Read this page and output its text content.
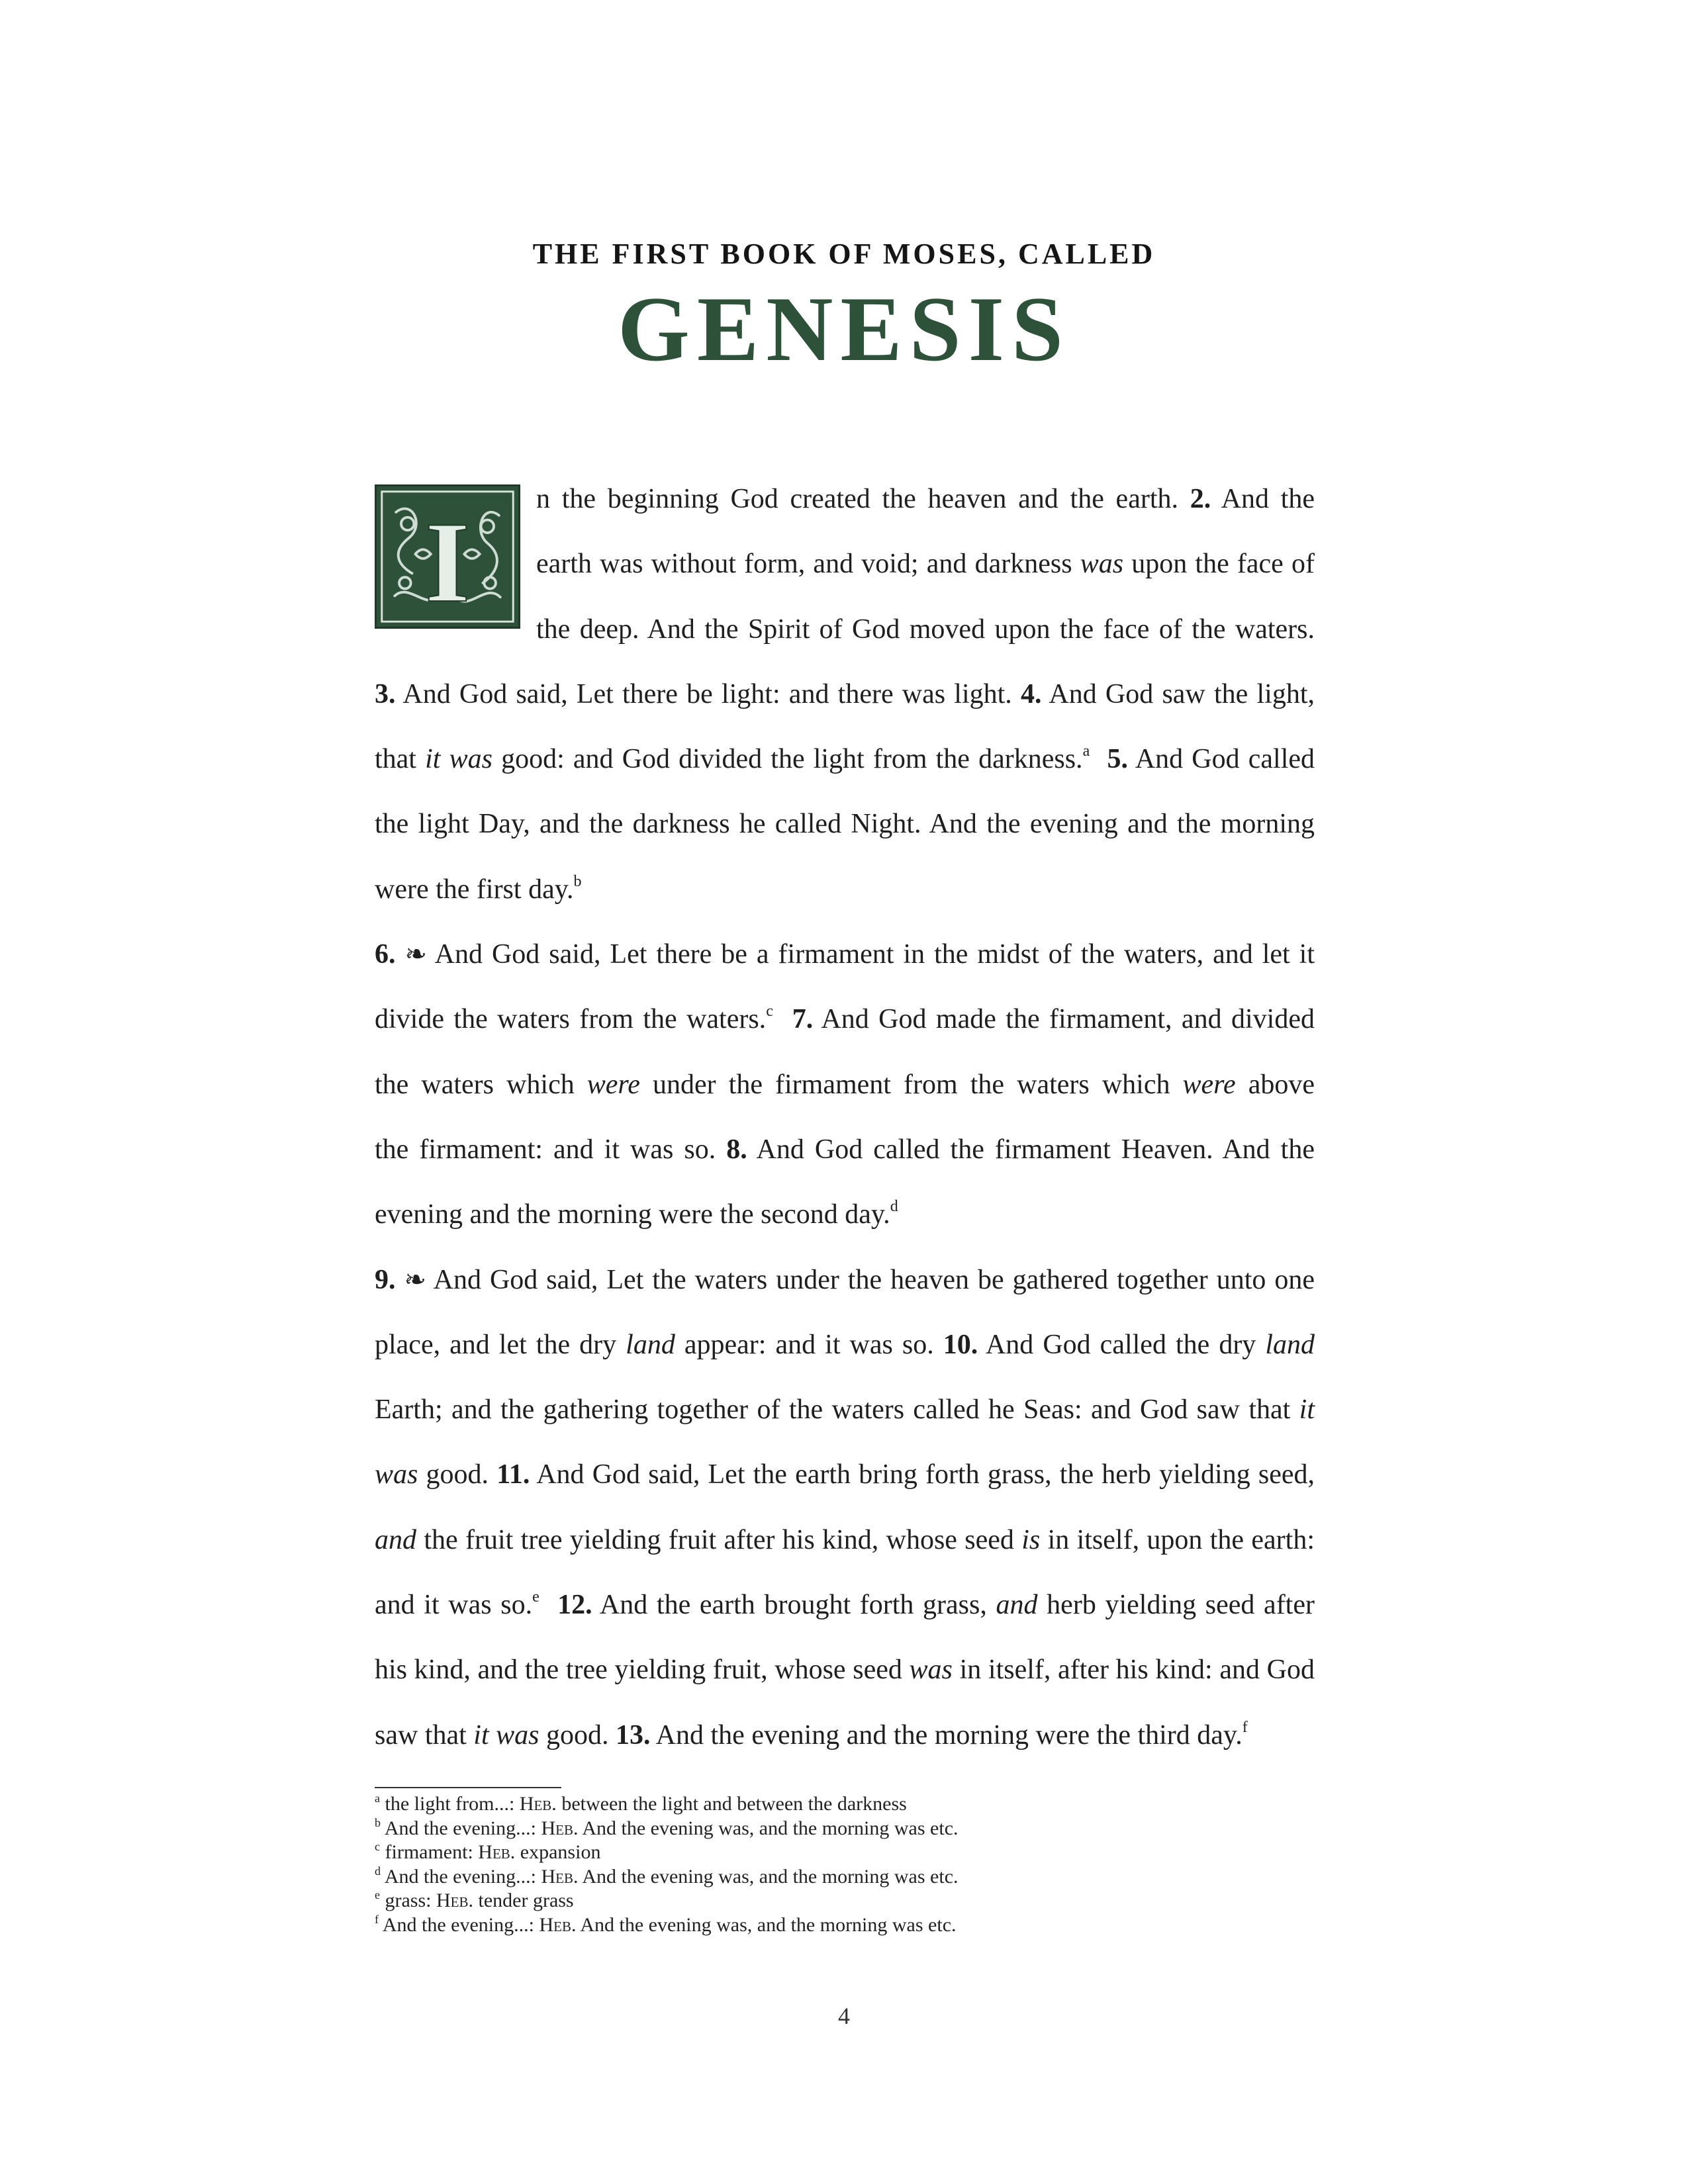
THE FIRST BOOK OF MOSES, CALLED
GENESIS
I	n the beginning God created the heaven and the earth. 2. And the
earth was without form, and void; and darkness was upon the face of
the deep. And the Spirit of God moved upon the face of the waters.
3. And God said, Let there be light: and there was light. 4. And God saw the light,
that it was good: and God divided the light from the darkness.$^a$ 5. And God called
the light Day, and the darkness he called Night. And the evening and the morning
were the first day.$^b$
6. ❧ And God said, Let there be a firmament in the midst of the waters, and let it
divide the waters from the waters.$^c$ 7. And God made the firmament, and divided
the waters which were under the firmament from the waters which were above
the firmament: and it was so. 8. And God called the firmament Heaven. And the
evening and the morning were the second day.$^d$
9. ❧ And God said, Let the waters under the heaven be gathered together unto one
place, and let the dry land appear: and it was so. 10. And God called the dry land
Earth; and the gathering together of the waters called he Seas: and God saw that it
was good. 11. And God said, Let the earth bring forth grass, the herb yielding seed,
and the fruit tree yielding fruit after his kind, whose seed is in itself, upon the earth:
and it was so.$^e$ 12. And the earth brought forth grass, and herb yielding seed after
his kind, and the tree yielding fruit, whose seed was in itself, after his kind: and God
saw that it was good. 13. And the evening and the morning were the third day.$^f$
$^a$ the light from...: Heb. between the light and between the darkness
$^b$ And the evening...: Heb. And the evening was, and the morning was etc.
$^c$ firmament: Heb. expansion
$^d$ And the evening...: Heb. And the evening was, and the morning was etc.
$^e$ grass: Heb. tender grass
$^f$ And the evening...: Heb. And the evening was, and the morning was etc.
4
